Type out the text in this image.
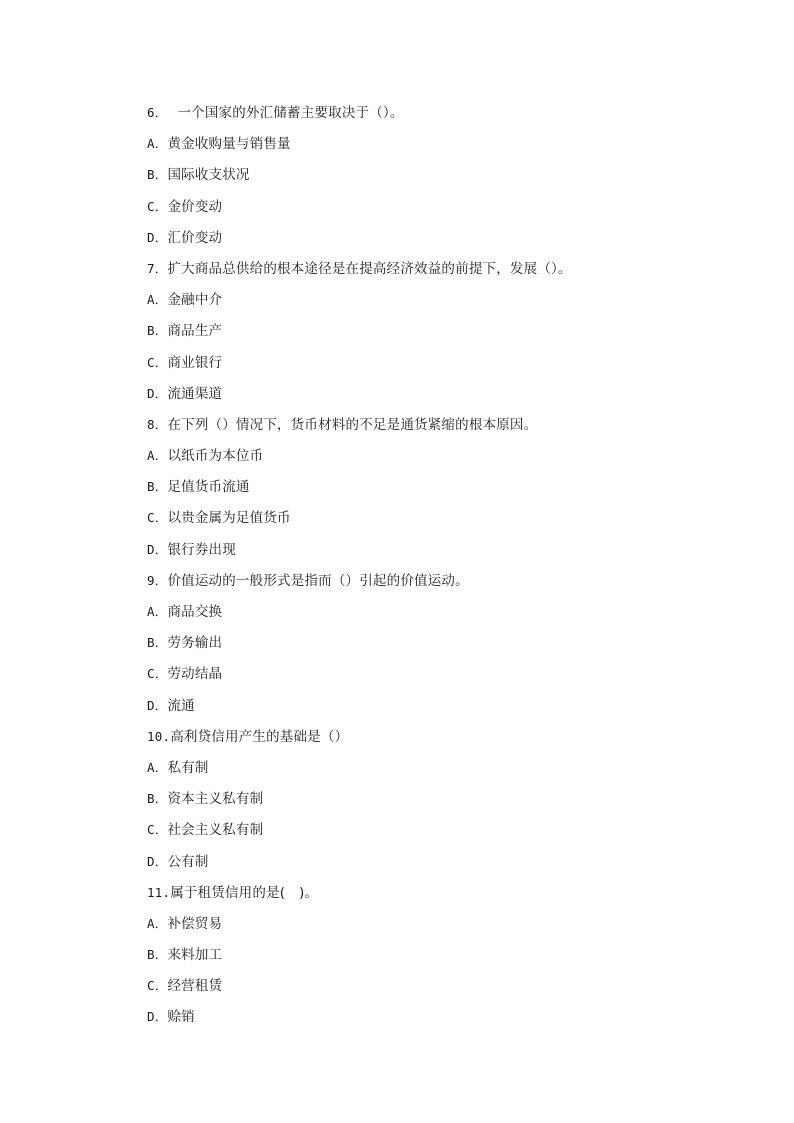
6． 一个国家的外汇储蓄主要取决于（）。
A．黄金收购量与销售量
B．国际收支状况
C．金价变动
D．汇价变动
7．扩大商品总供给的根本途径是在提高经济效益的前提下，发展（）。
A．金融中介
B．商品生产
C．商业银行
D．流通渠道
8．在下列（）情况下，货币材料的不足是通货紧缩的根本原因。
A．以纸币为本位币
B．足值货币流通
C．以贵金属为足值货币
D．银行券出现
9．价值运动的一般形式是指而（）引起的价值运动。
A．商品交换
B．劳务输出
C．劳动结晶
D．流通
10.高利贷信用产生的基础是（）
A．私有制
B．资本主义私有制
C．社会主义私有制
D．公有制
11.属于租赁信用的是(　)。
A．补偿贸易
B．来料加工
C．经营租赁
D．赊销
